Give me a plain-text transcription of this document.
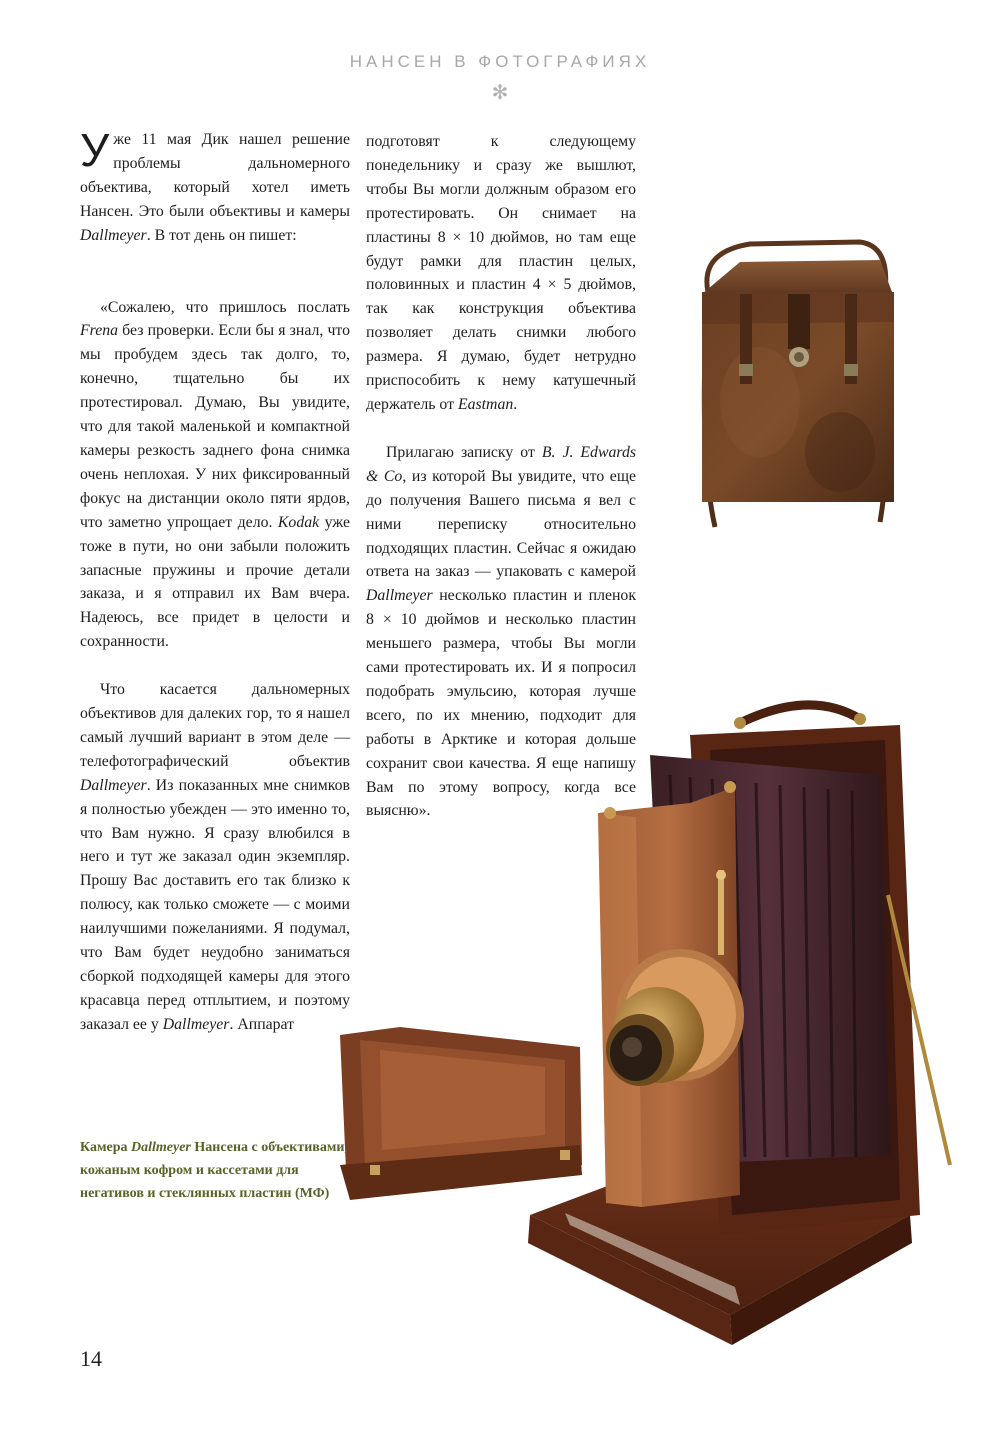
НАНСЕН В ФОТОГРАФИЯХ
✻

Уже 11 мая Дик нашел решение проблемы дальномерного объектива, который хотел иметь Нансен. Это были объективы и камеры Dallmeyer. В тот день он пишет:

«Сожалею, что пришлось послать Frena без проверки. Если бы я знал, что мы пробудем здесь так долго, то, конечно, тщательно бы их протестировал. Думаю, Вы увидите, что для такой маленькой и компактной камеры резкость заднего фона снимка очень неплохая. У них фиксированный фокус на дистанции около пяти ярдов, что заметно упрощает дело. Kodak уже тоже в пути, но они забыли положить запасные пружины и прочие детали заказа, и я отправил их Вам вчера. Надеюсь, все придет в целости и сохранности.

Что касается дальномерных объективов для далеких гор, то я нашел самый лучший вариант в этом деле — телефотографический объектив Dallmeyer. Из показанных мне снимков я полностью убежден — это именно то, что Вам нужно. Я сразу влюбился в него и тут же заказал один экземпляр. Прошу Вас доставить его так близко к полюсу, как только сможете — с моими наилучшими пожеланиями. Я подумал, что Вам будет неудобно заниматься сборкой подходящей камеры для этого красавца перед отплытием, и поэтому заказал ее у Dallmeyer. Аппарат

подготовят к следующему понедельнику и сразу же вышлют, чтобы Вы могли должным образом его протестировать. Он снимает на пластины 8 × 10 дюймов, но там еще будут рамки для пластин целых, половинных и пластин 4 × 5 дюймов, так как конструкция объектива позволяет делать снимки любого размера. Я думаю, будет нетрудно приспособить к нему катушечный держатель от Eastman.

Прилагаю записку от B. J. Edwards & Co, из которой Вы увидите, что еще до получения Вашего письма я вел с ними переписку относительно подходящих пластин. Сейчас я ожидаю ответа на заказ — упаковать с камерой Dallmeyer несколько пластин и пленок 8 × 10 дюймов и несколько пластин меньшего размера, чтобы Вы могли сами протестировать их. И я попросил подобрать эмульсию, которая лучше всего, по их мнению, подходит для работы в Арктике и которая дольше сохранит свои качества. Я еще напишу Вам по этому вопросу, когда все выясню».

Камера Dallmeyer Нансена с объективами, кожаным кофром и кассетами для негативов и стеклянных пластин (МФ)
14
